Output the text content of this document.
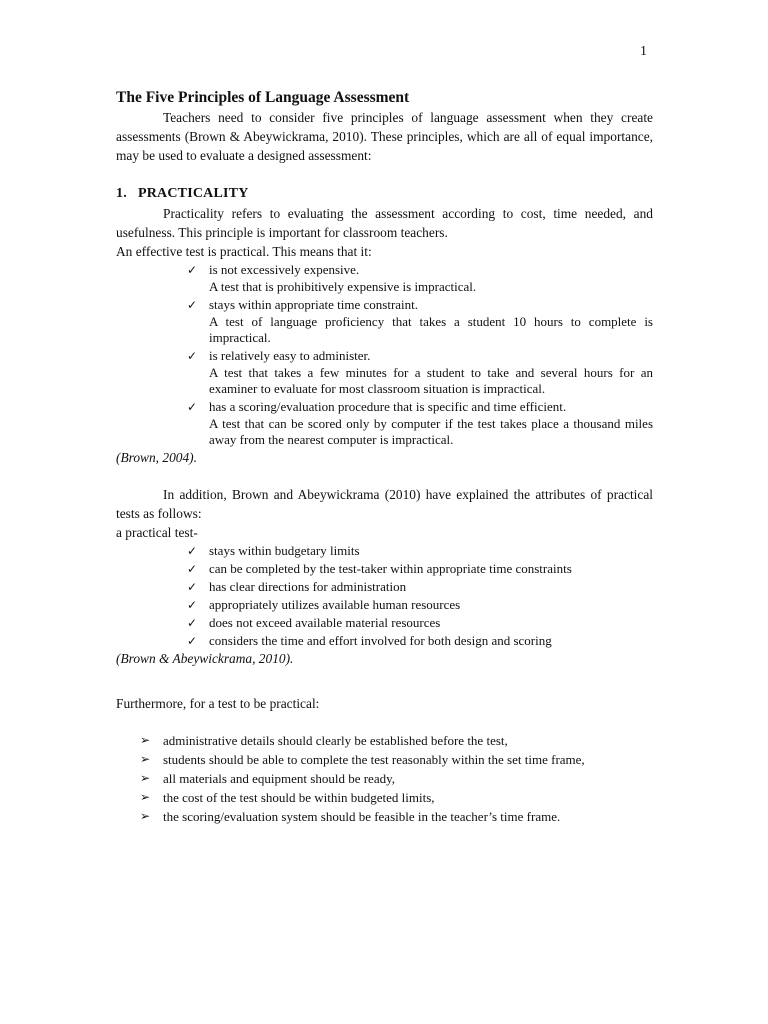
1
The Five Principles of Language Assessment

Teachers need to consider five principles of language assessment when they create assessments (Brown & Abeywickrama, 2010). These principles, which are all of equal importance, may be used to evaluate a designed assessment:

1. PRACTICALITY

Practicality refers to evaluating the assessment according to cost, time needed, and usefulness. This principle is important for classroom teachers.

An effective test is practical. This means that it:

✓ is not excessively expensive.
A test that is prohibitively expensive is impractical.
✓ stays within appropriate time constraint.
A test of language proficiency that takes a student 10 hours to complete is impractical.
✓ is relatively easy to administer.
A test that takes a few minutes for a student to take and several hours for an examiner to evaluate for most classroom situation is impractical.
✓ has a scoring/evaluation procedure that is specific and time efficient.
A test that can be scored only by computer if the test takes place a thousand miles away from the nearest computer is impractical.

(Brown, 2004).

In addition, Brown and Abeywickrama (2010) have explained the attributes of practical tests as follows:

a practical test-

✓ stays within budgetary limits
✓ can be completed by the test-taker within appropriate time constraints
✓ has clear directions for administration
✓ appropriately utilizes available human resources
✓ does not exceed available material resources
✓ considers the time and effort involved for both design and scoring

(Brown & Abeywickrama, 2010).

Furthermore, for a test to be practical:

➢ administrative details should clearly be established before the test,
➢ students should be able to complete the test reasonably within the set time frame,
➢ all materials and equipment should be ready,
➢ the cost of the test should be within budgeted limits,
➢ the scoring/evaluation system should be feasible in the teacher’s time frame.
